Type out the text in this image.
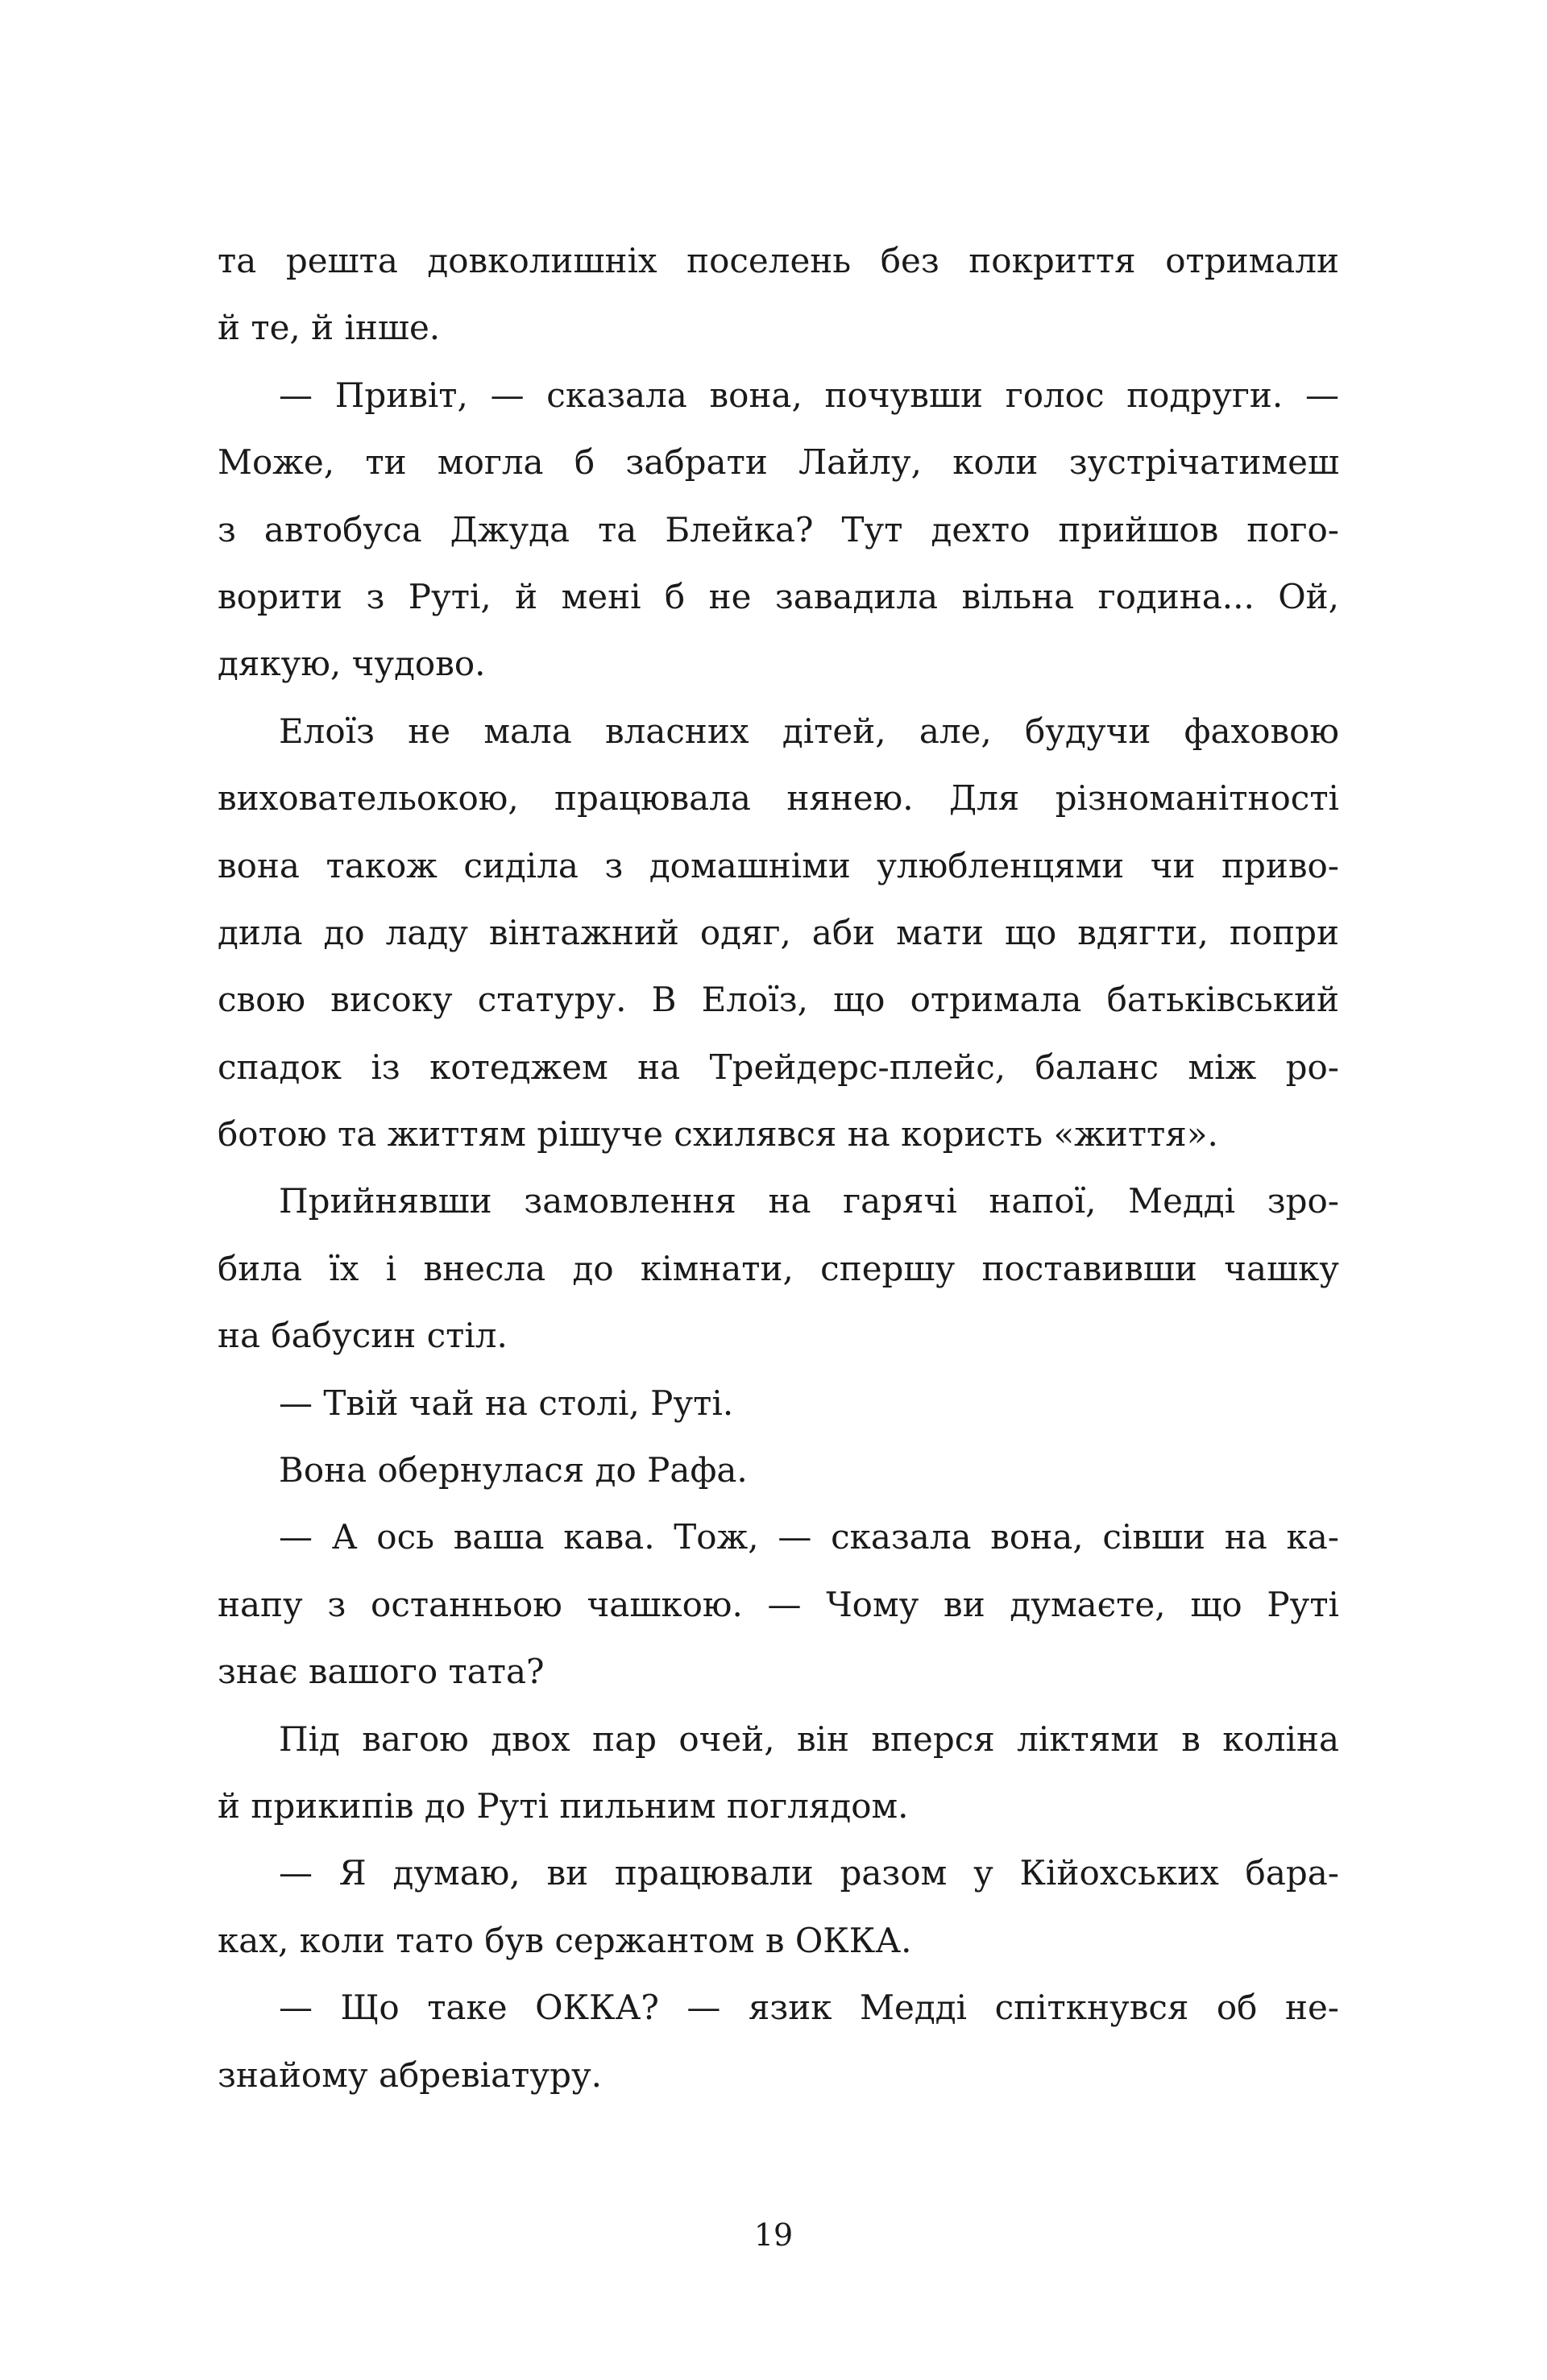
та решта довколишніх поселень без покриття отримали
й те, й інше.
— Привіт, — сказала вона, почувши голос подруги. —
Може, ти могла б забрати Лайлу, коли зустрічатимеш
з автобуса Джуда та Блейка? Тут дехто прийшов пого-
ворити з Руті, й мені б не завадила вільна година... Ой,
дякую, чудово.
Елоїз не мала власних дітей, але, будучи фаховою
виховательокою, працювала нянею. Для різноманітності
вона також сиділа з домашніми улюбленцями чи приво-
дила до ладу вінтажний одяг, аби мати що вдягти, попри
свою високу статуру. В Елоїз, що отримала батьківський
спадок із котеджем на Трейдерс-плейс, баланс між ро-
ботою та життям рішуче схилявся на користь «життя».
Прийнявши замовлення на гарячі напої, Медді зро-
била їх і внесла до кімнати, спершу поставивши чашку
на бабусин стіл.
— Твій чай на столі, Руті.
Вона обернулася до Рафа.
— А ось ваша кава. Тож, — сказала вона, сівши на ка-
напу з останньою чашкою. — Чому ви думаєте, що Руті
знає вашого тата?
Під вагою двох пар очей, він вперся ліктями в коліна
й прикипів до Руті пильним поглядом.
— Я думаю, ви працювали разом у Кійохських бара-
ках, коли тато був сержантом в ОККА.
— Що таке ОККА? — язик Медді спіткнувся об не-
знайому абревіатуру.
19
